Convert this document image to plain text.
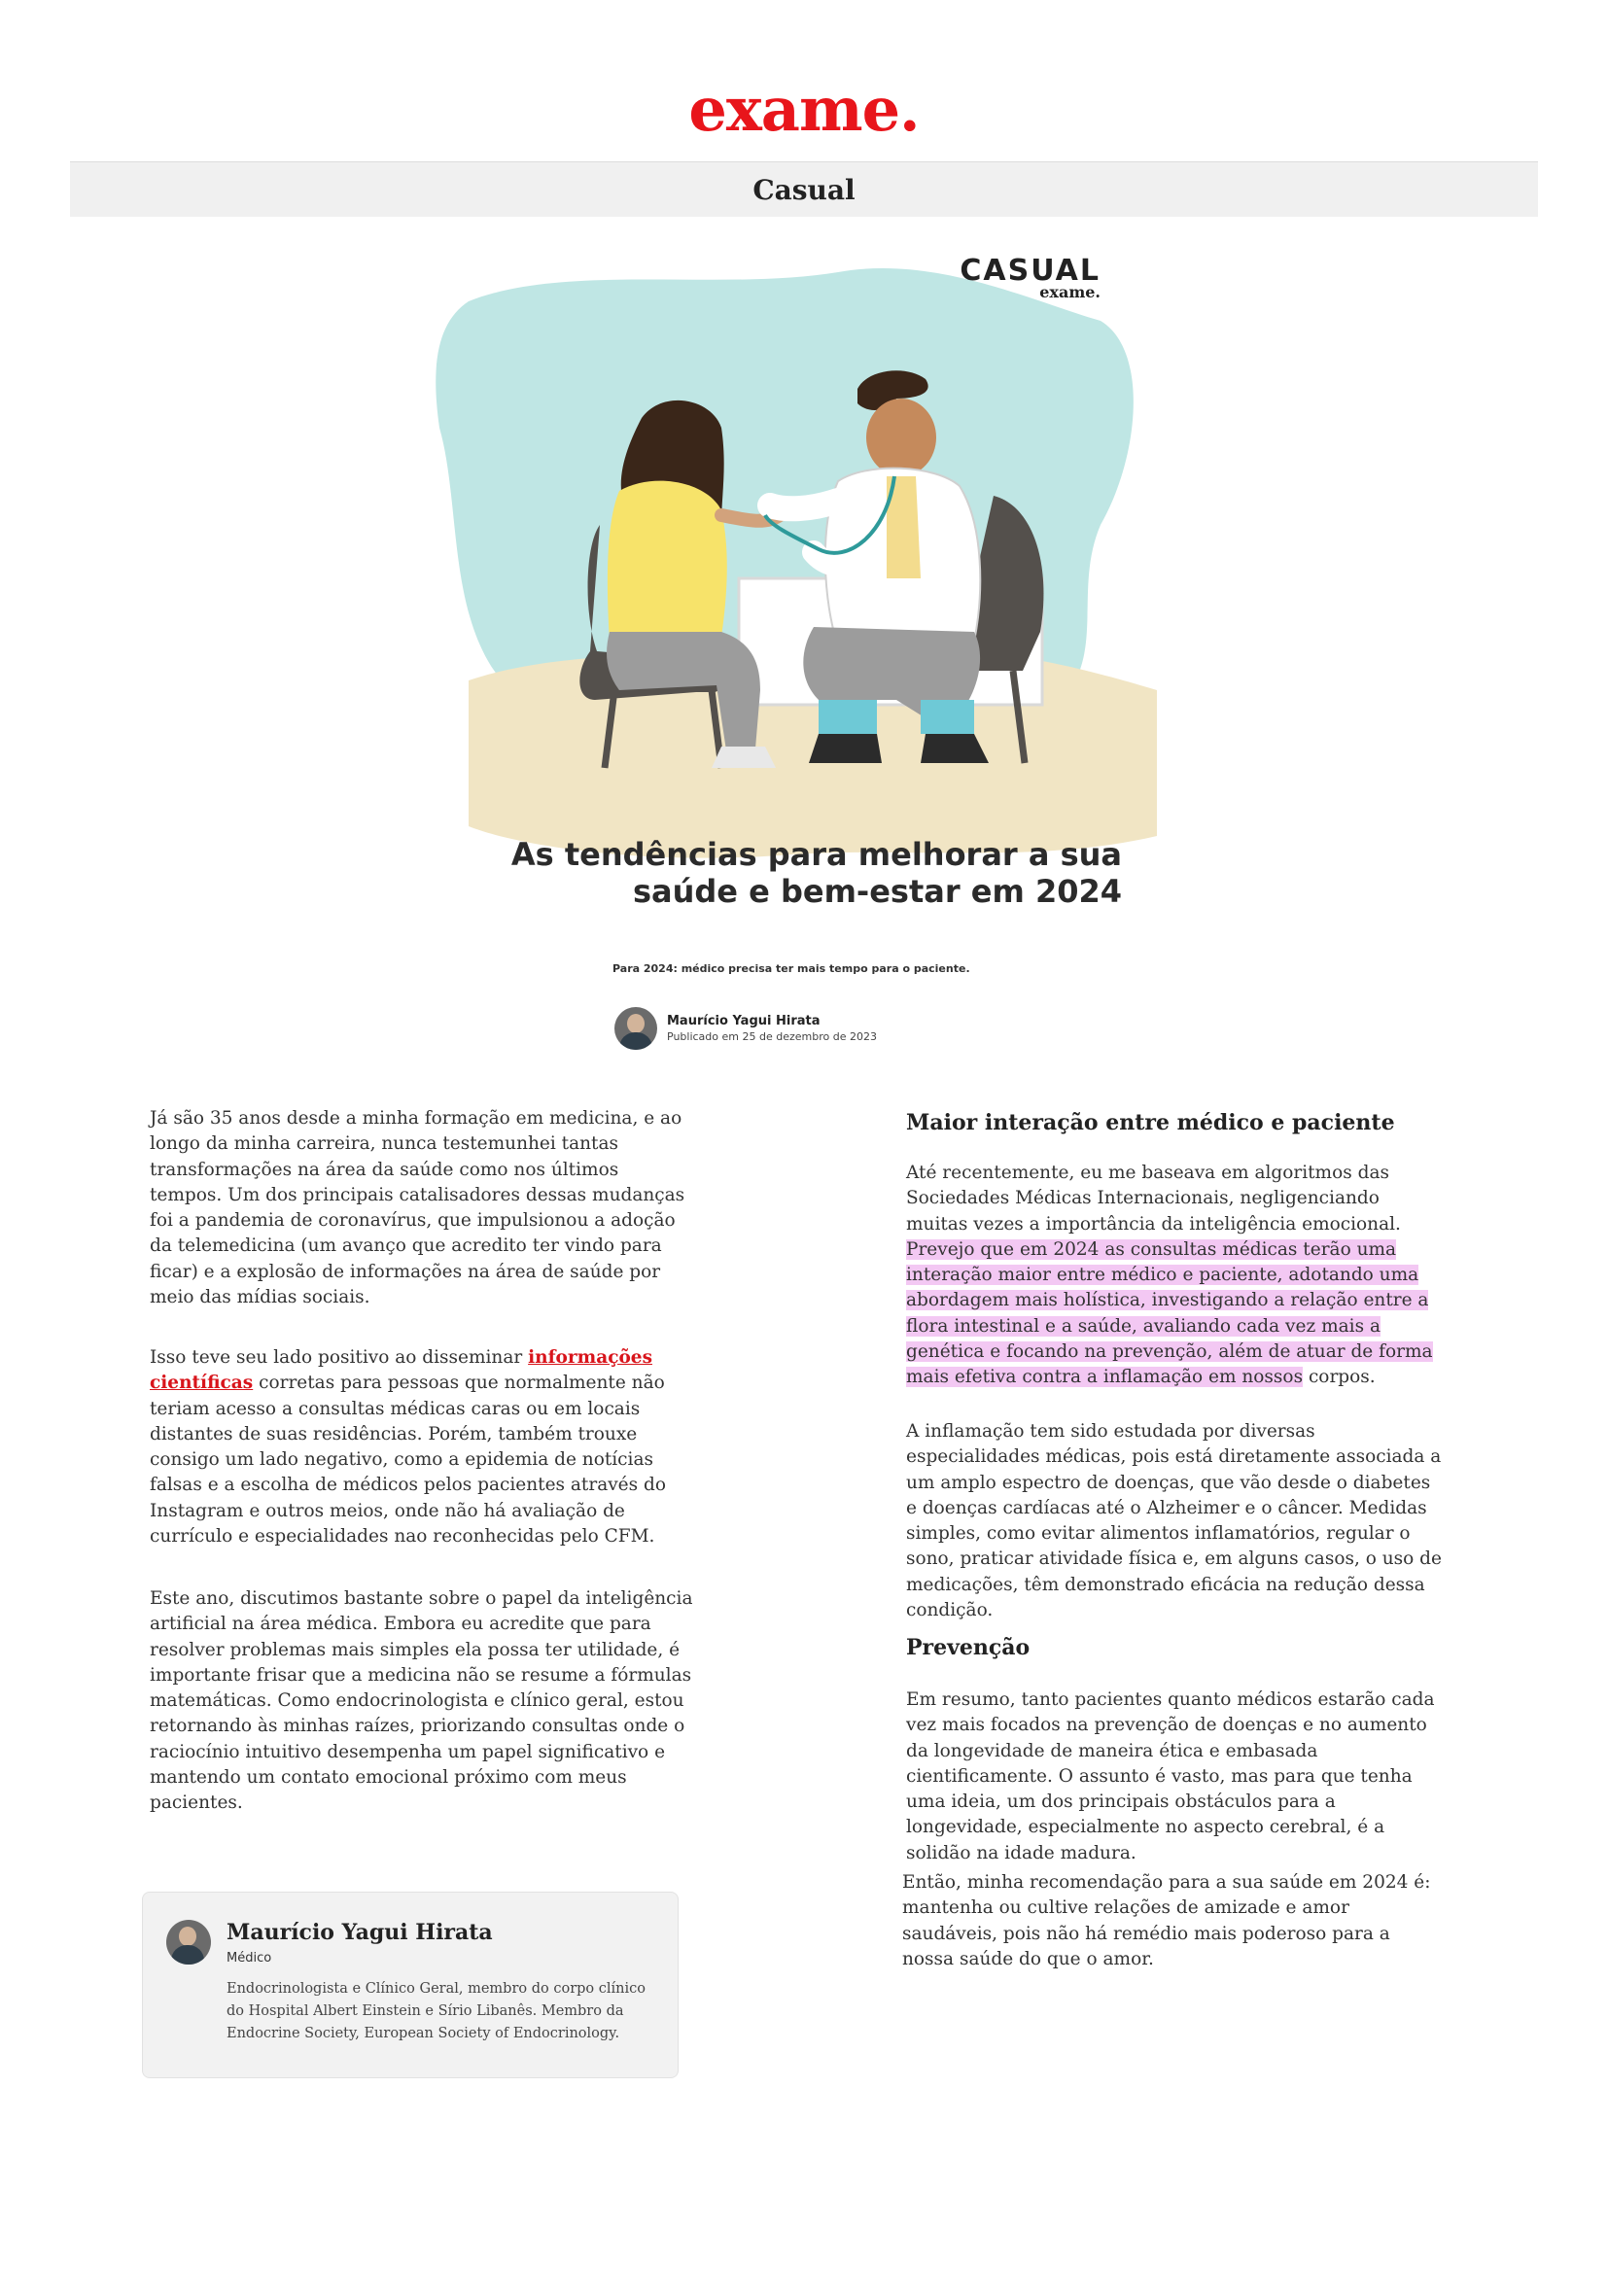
exame.
Casual
CASUAL
exame.
As tendências para melhorar a sua
saúde e bem-estar em 2024
Para 2024: médico precisa ter mais tempo para o paciente.
Maurício Yagui Hirata
Publicado em 25 de dezembro de 2023

Já são 35 anos desde a minha formação em medicina, e ao longo da minha carreira, nunca testemunhei tantas transformações na área da saúde como nos últimos tempos. Um dos principais catalisadores dessas mudanças foi a pandemia de coronavírus, que impulsionou a adoção da telemedicina (um avanço que acredito ter vindo para ficar) e a explosão de informações na área de saúde por meio das mídias sociais.

Isso teve seu lado positivo ao disseminar informações científicas corretas para pessoas que normalmente não teriam acesso a consultas médicas caras ou em locais distantes de suas residências. Porém, também trouxe consigo um lado negativo, como a epidemia de notícias falsas e a escolha de médicos pelos pacientes através do Instagram e outros meios, onde não há avaliação de currículo e especialidades nao reconhecidas pelo CFM.

Este ano, discutimos bastante sobre o papel da inteligência artificial na área médica. Embora eu acredite que para resolver problemas mais simples ela possa ter utilidade, é importante frisar que a medicina não se resume a fórmulas matemáticas. Como endocrinologista e clínico geral, estou retornando às minhas raízes, priorizando consultas onde o raciocínio intuitivo desempenha um papel significativo e mantendo um contato emocional próximo com meus pacientes.

Maior interação entre médico e paciente

Até recentemente, eu me baseava em algoritmos das Sociedades Médicas Internacionais, negligenciando muitas vezes a importância da inteligência emocional. Prevejo que em 2024 as consultas médicas terão uma interação maior entre médico e paciente, adotando uma abordagem mais holística, investigando a relação entre a flora intestinal e a saúde, avaliando cada vez mais a genética e focando na prevenção, além de atuar de forma mais efetiva contra a inflamação em nossos corpos.

A inflamação tem sido estudada por diversas especialidades médicas, pois está diretamente associada a um amplo espectro de doenças, que vão desde o diabetes e doenças cardíacas até o Alzheimer e o câncer. Medidas simples, como evitar alimentos inflamatórios, regular o sono, praticar atividade física e, em alguns casos, o uso de medicações, têm demonstrado eficácia na redução dessa condição.

Prevenção

Em resumo, tanto pacientes quanto médicos estarão cada vez mais focados na prevenção de doenças e no aumento da longevidade de maneira ética e embasada cientificamente. O assunto é vasto, mas para que tenha uma ideia, um dos principais obstáculos para a longevidade, especialmente no aspecto cerebral, é a solidão na idade madura.

Então, minha recomendação para a sua saúde em 2024 é: mantenha ou cultive relações de amizade e amor saudáveis, pois não há remédio mais poderoso para a nossa saúde do que o amor.

Maurício Yagui Hirata
Médico
Endocrinologista e Clínico Geral, membro do corpo clínico do Hospital Albert Einstein e Sírio Libanês. Membro da Endocrine Society, European Society of Endocrinology.
